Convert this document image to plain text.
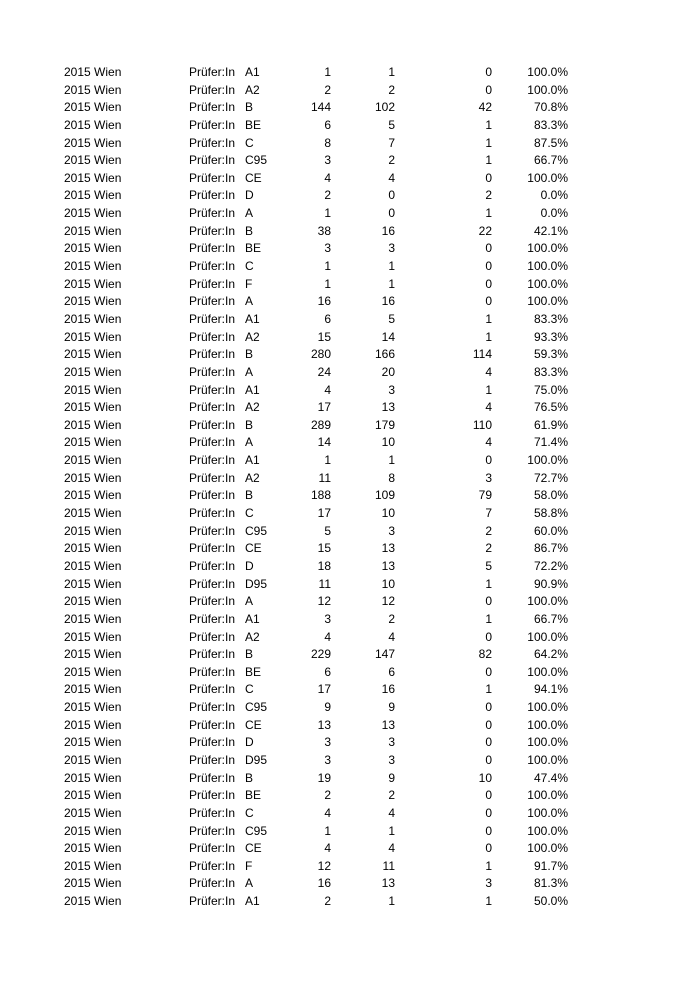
2015 Wien	Prüfer:In A1	1	1	0	100.0%
2015 Wien	Prüfer:In A2	2	2	0	100.0%
2015 Wien	Prüfer:In B	144	102	42	70.8%
2015 Wien	Prüfer:In BE	6	5	1	83.3%
2015 Wien	Prüfer:In C	8	7	1	87.5%
2015 Wien	Prüfer:In C95	3	2	1	66.7%
2015 Wien	Prüfer:In CE	4	4	0	100.0%
2015 Wien	Prüfer:In D	2	0	2	0.0%
2015 Wien	Prüfer:In A	1	0	1	0.0%
2015 Wien	Prüfer:In B	38	16	22	42.1%
2015 Wien	Prüfer:In BE	3	3	0	100.0%
2015 Wien	Prüfer:In C	1	1	0	100.0%
2015 Wien	Prüfer:In F	1	1	0	100.0%
2015 Wien	Prüfer:In A	16	16	0	100.0%
2015 Wien	Prüfer:In A1	6	5	1	83.3%
2015 Wien	Prüfer:In A2	15	14	1	93.3%
2015 Wien	Prüfer:In B	280	166	114	59.3%
2015 Wien	Prüfer:In A	24	20	4	83.3%
2015 Wien	Prüfer:In A1	4	3	1	75.0%
2015 Wien	Prüfer:In A2	17	13	4	76.5%
2015 Wien	Prüfer:In B	289	179	110	61.9%
2015 Wien	Prüfer:In A	14	10	4	71.4%
2015 Wien	Prüfer:In A1	1	1	0	100.0%
2015 Wien	Prüfer:In A2	11	8	3	72.7%
2015 Wien	Prüfer:In B	188	109	79	58.0%
2015 Wien	Prüfer:In C	17	10	7	58.8%
2015 Wien	Prüfer:In C95	5	3	2	60.0%
2015 Wien	Prüfer:In CE	15	13	2	86.7%
2015 Wien	Prüfer:In D	18	13	5	72.2%
2015 Wien	Prüfer:In D95	11	10	1	90.9%
2015 Wien	Prüfer:In A	12	12	0	100.0%
2015 Wien	Prüfer:In A1	3	2	1	66.7%
2015 Wien	Prüfer:In A2	4	4	0	100.0%
2015 Wien	Prüfer:In B	229	147	82	64.2%
2015 Wien	Prüfer:In BE	6	6	0	100.0%
2015 Wien	Prüfer:In C	17	16	1	94.1%
2015 Wien	Prüfer:In C95	9	9	0	100.0%
2015 Wien	Prüfer:In CE	13	13	0	100.0%
2015 Wien	Prüfer:In D	3	3	0	100.0%
2015 Wien	Prüfer:In D95	3	3	0	100.0%
2015 Wien	Prüfer:In B	19	9	10	47.4%
2015 Wien	Prüfer:In BE	2	2	0	100.0%
2015 Wien	Prüfer:In C	4	4	0	100.0%
2015 Wien	Prüfer:In C95	1	1	0	100.0%
2015 Wien	Prüfer:In CE	4	4	0	100.0%
2015 Wien	Prüfer:In F	12	11	1	91.7%
2015 Wien	Prüfer:In A	16	13	3	81.3%
2015 Wien	Prüfer:In A1	2	1	1	50.0%
